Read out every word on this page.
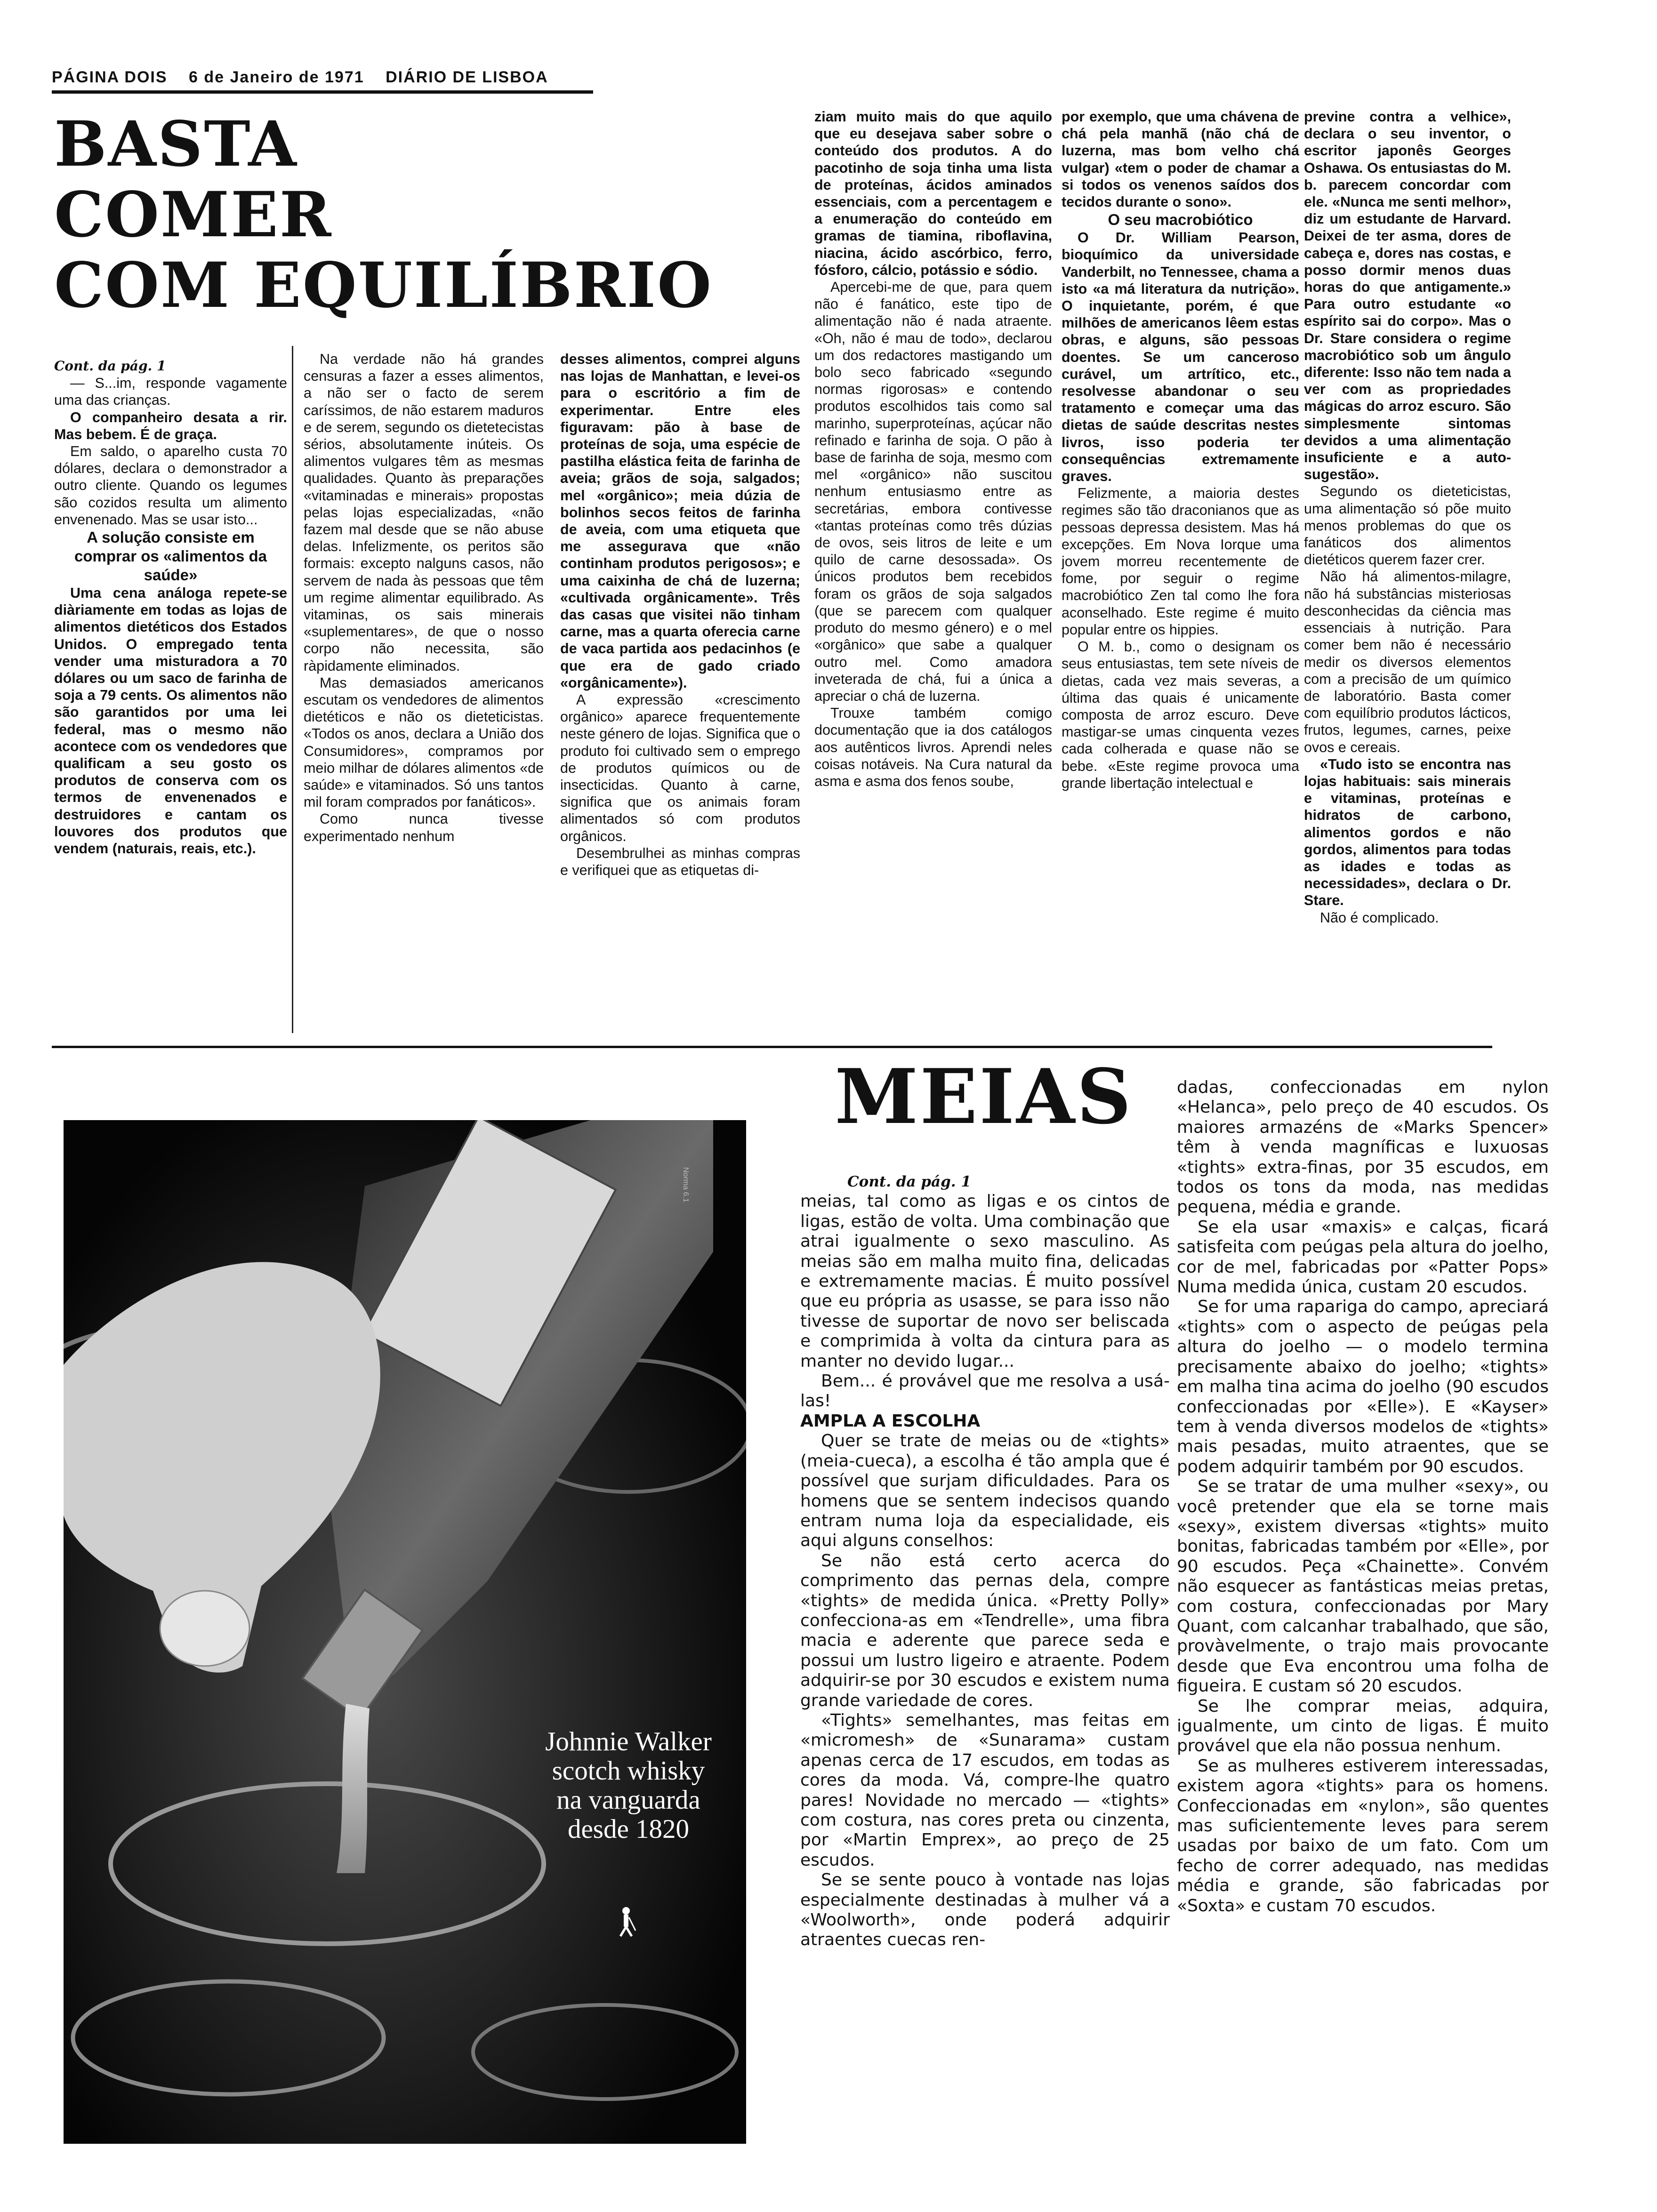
PÁGINA DOIS 6 de Janeiro de 1971 DIÁRIO DE LISBOA
BASTA
COMER
COM EQUILÍBRIO

Cont. da pág. 1

— S...im, responde vagamente uma das crianças.

O companheiro desata a rir. Mas bebem. É de graça.

Em saldo, o aparelho custa 70 dólares, declara o demonstrador a outro cliente. Quando os legumes são cozidos resulta um alimento envenenado. Mas se usar isto...

A solução consiste em comprar os «alimentos da saúde»

Uma cena análoga repete-se diàriamente em todas as lojas de alimentos dietéticos dos Estados Unidos. O empregado tenta vender uma misturadora a 70 dólares ou um saco de farinha de soja a 79 cents. Os alimentos não são garantidos por uma lei federal, mas o mesmo não acontece com os vendedores que qualificam a seu gosto os produtos de conserva com os termos de envenenados e destruidores e cantam os louvores dos produtos que vendem (naturais, reais, etc.).

Na verdade não há grandes censuras a fazer a esses alimentos, a não ser o facto de serem caríssimos, de não estarem maduros e de serem, segundo os dietetecistas sérios, absolutamente inúteis. Os alimentos vulgares têm as mesmas qualidades. Quanto às preparações «vitaminadas e minerais» propostas pelas lojas especializadas, «não fazem mal desde que se não abuse delas. Infelizmente, os peritos são formais: excepto nalguns casos, não servem de nada às pessoas que têm um regime alimentar equilibrado. As vitaminas, os sais minerais «suplementares», de que o nosso corpo não necessita, são ràpidamente eliminados.

Mas demasiados americanos escutam os vendedores de alimentos dietéticos e não os dieteticistas. «Todos os anos, declara a União dos Consumidores», compramos por meio milhar de dólares alimentos «de saúde» e vitaminados. Só uns tantos mil foram comprados por fanáticos».

Como nunca tivesse experimentado nenhum

desses alimentos, comprei alguns nas lojas de Manhattan, e levei-os para o escritório a fim de experimentar. Entre eles figuravam: pão à base de proteínas de soja, uma espécie de pastilha elástica feita de farinha de aveia; grãos de soja, salgados; mel «orgânico»; meia dúzia de bolinhos secos feitos de farinha de aveia, com uma etiqueta que me assegurava que «não continham produtos perigosos»; e uma caixinha de chá de luzerna; «cultivada orgânicamente». Três das casas que visitei não tinham carne, mas a quarta oferecia carne de vaca partida aos pedacinhos (e que era de gado criado «orgânicamente»).

A expressão «crescimento orgânico» aparece frequentemente neste género de lojas. Significa que o produto foi cultivado sem o emprego de produtos químicos ou de insecticidas. Quanto à carne, significa que os animais foram alimentados só com produtos orgânicos.

Desembrulhei as minhas compras e verifiquei que as etiquetas di-

ziam muito mais do que aquilo que eu desejava saber sobre o conteúdo dos produtos. A do pacotinho de soja tinha uma lista de proteínas, ácidos aminados essenciais, com a percentagem e a enumeração do conteúdo em gramas de tiamina, riboflavina, niacina, ácido ascórbico, ferro, fósforo, cálcio, potássio e sódio.

Apercebi-me de que, para quem não é fanático, este tipo de alimentação não é nada atraente. «Oh, não é mau de todo», declarou um dos redactores mastigando um bolo seco fabricado «segundo normas rigorosas» e contendo produtos escolhidos tais como sal marinho, superproteínas, açúcar não refinado e farinha de soja. O pão à base de farinha de soja, mesmo com mel «orgânico» não suscitou nenhum entusiasmo entre as secretárias, embora contivesse «tantas proteínas como três dúzias de ovos, seis litros de leite e um quilo de carne desossada». Os únicos produtos bem recebidos foram os grãos de soja salgados (que se parecem com qualquer produto do mesmo género) e o mel «orgânico» que sabe a qualquer outro mel. Como amadora inveterada de chá, fui a única a apreciar o chá de luzerna.

Trouxe também comigo documentação que ia dos catálogos aos autênticos livros. Aprendi neles coisas notáveis. Na Cura natural da asma e asma dos fenos soube,

por exemplo, que uma chávena de chá pela manhã (não chá de luzerna, mas bom velho chá vulgar) «tem o poder de chamar a si todos os venenos saídos dos tecidos durante o sono».

O seu macrobiótico

O Dr. William Pearson, bioquímico da universidade Vanderbilt, no Tennessee, chama a isto «a má literatura da nutrição». O inquietante, porém, é que milhões de americanos lêem estas obras, e alguns, são pessoas doentes. Se um canceroso curável, um artrítico, etc., resolvesse abandonar o seu tratamento e começar uma das dietas de saúde descritas nestes livros, isso poderia ter consequências extremamente graves.

Felizmente, a maioria destes regimes são tão draconianos que as pessoas depressa desistem. Mas há excepções. Em Nova Iorque uma jovem morreu recentemente de fome, por seguir o regime macrobiótico Zen tal como lhe fora aconselhado. Este regime é muito popular entre os hippies.

O M. b., como o designam os seus entusiastas, tem sete níveis de dietas, cada vez mais severas, a última das quais é unicamente composta de arroz escuro. Deve mastigar-se umas cinquenta vezes cada colherada e quase não se bebe. «Este regime provoca uma grande libertação intelectual e

previne contra a velhice», declara o seu inventor, o escritor japonês Georges Oshawa. Os entusiastas do M. b. parecem concordar com ele. «Nunca me senti melhor», diz um estudante de Harvard. Deixei de ter asma, dores de cabeça e, dores nas costas, e posso dormir menos duas horas do que antigamente.» Para outro estudante «o espírito sai do corpo». Mas o Dr. Stare considera o regime macrobiótico sob um ângulo diferente: Isso não tem nada a ver com as propriedades mágicas do arroz escuro. São simplesmente sintomas devidos a uma alimentação insuficiente e a auto-sugestão».

Segundo os dieteticistas, uma alimentação só põe muito menos problemas do que os fanáticos dos alimentos dietéticos querem fazer crer.

Não há alimentos-milagre, não há substâncias misteriosas desconhecidas da ciência mas essenciais à nutrição. Para comer bem não é necessário medir os diversos elementos com a precisão de um químico de laboratório. Basta comer com equilíbrio produtos lácticos, frutos, legumes, carnes, peixe ovos e cereais.

«Tudo isto se encontra nas lojas habituais: sais minerais e vitaminas, proteínas e hidratos de carbono, alimentos gordos e não gordos, alimentos para todas as idades e todas as necessidades», declara o Dr. Stare.

Não é complicado.

Norma 6.1
Johnnie Walker
scotch whisky
na vanguarda
desde 1820
MEIAS

Cont. da pág. 1

meias, tal como as ligas e os cintos de ligas, estão de volta. Uma combinação que atrai igualmente o sexo masculino. As meias são em malha muito fina, delicadas e extremamente macias. É muito possível que eu própria as usasse, se para isso não tivesse de suportar de novo ser beliscada e comprimida à volta da cintura para as manter no devido lugar...

Bem... é provável que me resolva a usá-las!

AMPLA A ESCOLHA

Quer se trate de meias ou de «tights» (meia-cueca), a escolha é tão ampla que é possível que surjam dificuldades. Para os homens que se sentem indecisos quando entram numa loja da especialidade, eis aqui alguns conselhos:

Se não está certo acerca do comprimento das pernas dela, compre «tights» de medida única. «Pretty Polly» confecciona-as em «Tendrelle», uma fibra macia e aderente que parece seda e possui um lustro ligeiro e atraente. Podem adquirir-se por 30 escudos e existem numa grande variedade de cores.

«Tights» semelhantes, mas feitas em «micromesh» de «Sunarama» custam apenas cerca de 17 escudos, em todas as cores da moda. Vá, compre-lhe quatro pares! Novidade no mercado — «tights» com costura, nas cores preta ou cinzenta, por «Martin Emprex», ao preço de 25 escudos.

Se se sente pouco à vontade nas lojas especialmente destinadas à mulher vá a «Woolworth», onde poderá adquirir atraentes cuecas ren-

dadas, confeccionadas em nylon «Helanca», pelo preço de 40 escudos. Os maiores armazéns de «Marks Spencer» têm à venda magníficas e luxuosas «tights» extra-finas, por 35 escudos, em todos os tons da moda, nas medidas pequena, média e grande.

Se ela usar «maxis» e calças, ficará satisfeita com peúgas pela altura do joelho, cor de mel, fabricadas por «Patter Pops» Numa medida única, custam 20 escudos.

Se for uma rapariga do campo, apreciará «tights» com o aspecto de peúgas pela altura do joelho — o modelo termina precisamente abaixo do joelho; «tights» em malha tina acima do joelho (90 escudos confeccionadas por «Elle»). E «Kayser» tem à venda diversos modelos de «tights» mais pesadas, muito atraentes, que se podem adquirir também por 90 escudos.

Se se tratar de uma mulher «sexy», ou você pretender que ela se torne mais «sexy», existem diversas «tights» muito bonitas, fabricadas também por «Elle», por 90 escudos. Peça «Chainette». Convém não esquecer as fantásticas meias pretas, com costura, confeccionadas por Mary Quant, com calcanhar trabalhado, que são, provàvelmente, o trajo mais provocante desde que Eva encontrou uma folha de figueira. E custam só 20 escudos.

Se lhe comprar meias, adquira, igualmente, um cinto de ligas. É muito provável que ela não possua nenhum.

Se as mulheres estiverem interessadas, existem agora «tights» para os homens. Confeccionadas em «nylon», são quentes mas suficientemente leves para serem usadas por baixo de um fato. Com um fecho de correr adequado, nas medidas média e grande, são fabricadas por «Soxta» e custam 70 escudos.
